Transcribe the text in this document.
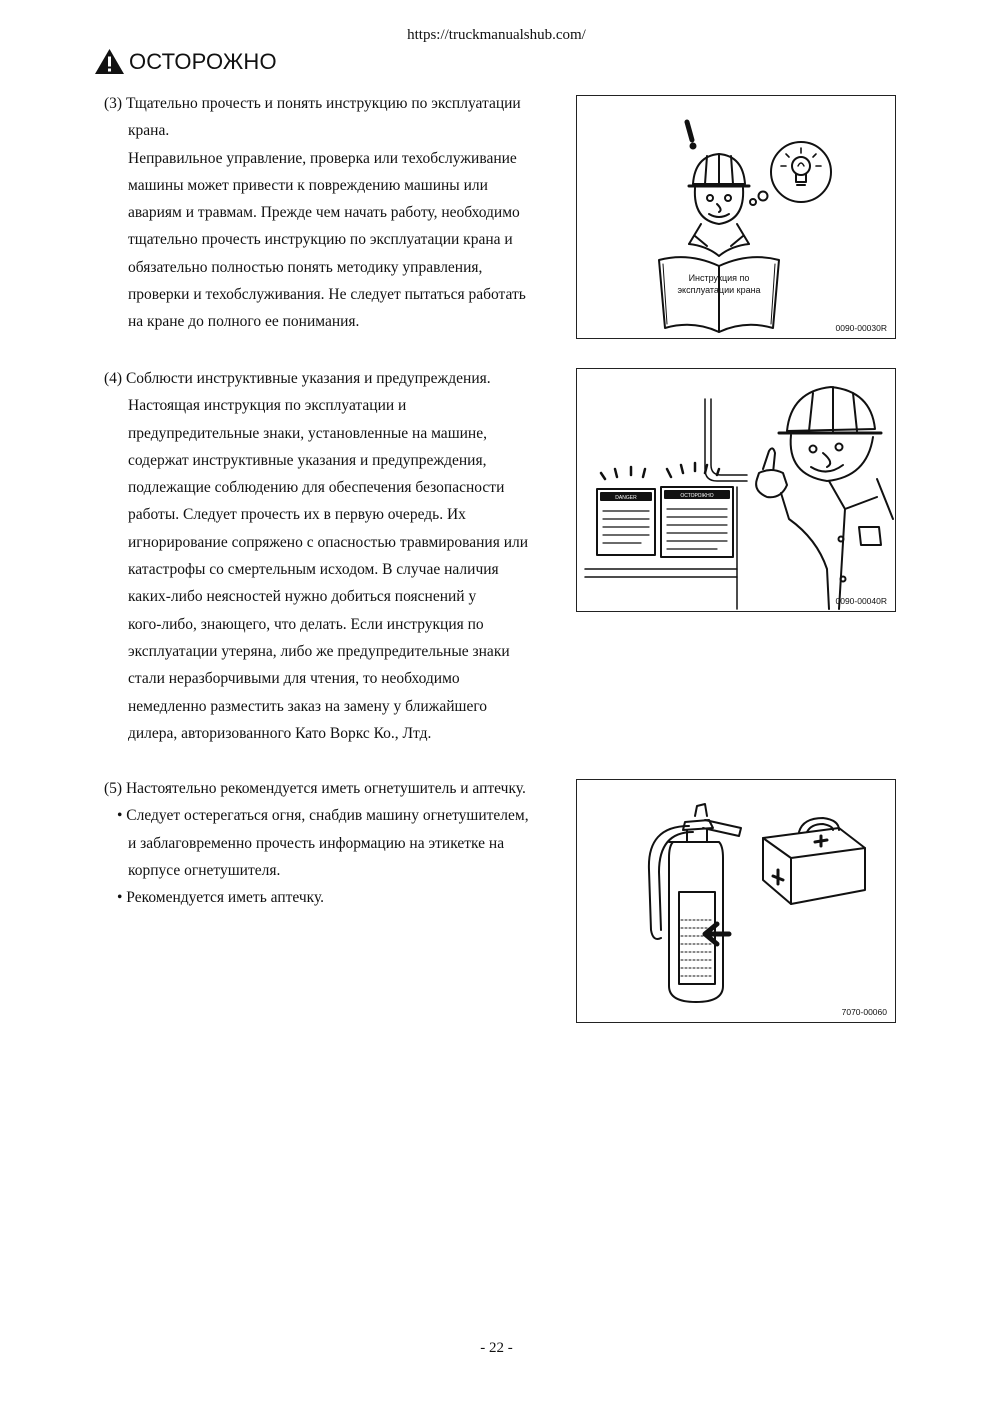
https://truckmanualshub.com/
ОСТОРОЖНО
(3) Тщательно прочесть и понять инструкцию по эксплуатации
крана.
Неправильное управление, проверка или техобслуживание
машины может привести к повреждению машины или
авариям и травмам. Прежде чем начать работу, необходимо
тщательно прочесть инструкцию по эксплуатации крана и
обязательно полностью понять методику управления,
проверки и техобслуживания. Не следует пытаться работать
на кране до полного ее понимания.
(4) Соблюсти инструктивные указания и предупреждения.
Настоящая инструкция по эксплуатации и
предупредительные знаки, установленные на машине,
содержат инструктивные указания и предупреждения,
подлежащие соблюдению для обеспечения безопасности
работы. Следует прочесть их в первую очередь. Их
игнорирование сопряжено с опасностью травмирования или
катастрофы со смертельным исходом. В случае наличия
каких-либо неясностей нужно добиться пояснений у
кого-либо, знающего, что делать. Если инструкция по
эксплуатации утеряна, либо же предупредительные знаки
стали неразборчивыми для чтения, то необходимо
немедленно разместить заказ на замену у ближайшего
дилера, авторизованного Като Воркс Ко., Лтд.
(5) Настоятельно рекомендуется иметь огнетушитель и аптечку.
• Следует остерегаться огня, снабдив машину огнетушителем,
и заблаговременно прочесть информацию на этикетке на
корпусе огнетушителя.
• Рекомендуется иметь аптечку.
Инструкция по
эксплуатации крана
0090-00030R
DANGER	ОСТОРОЖНО
0090-00040R
7070-00060
- 22 -
